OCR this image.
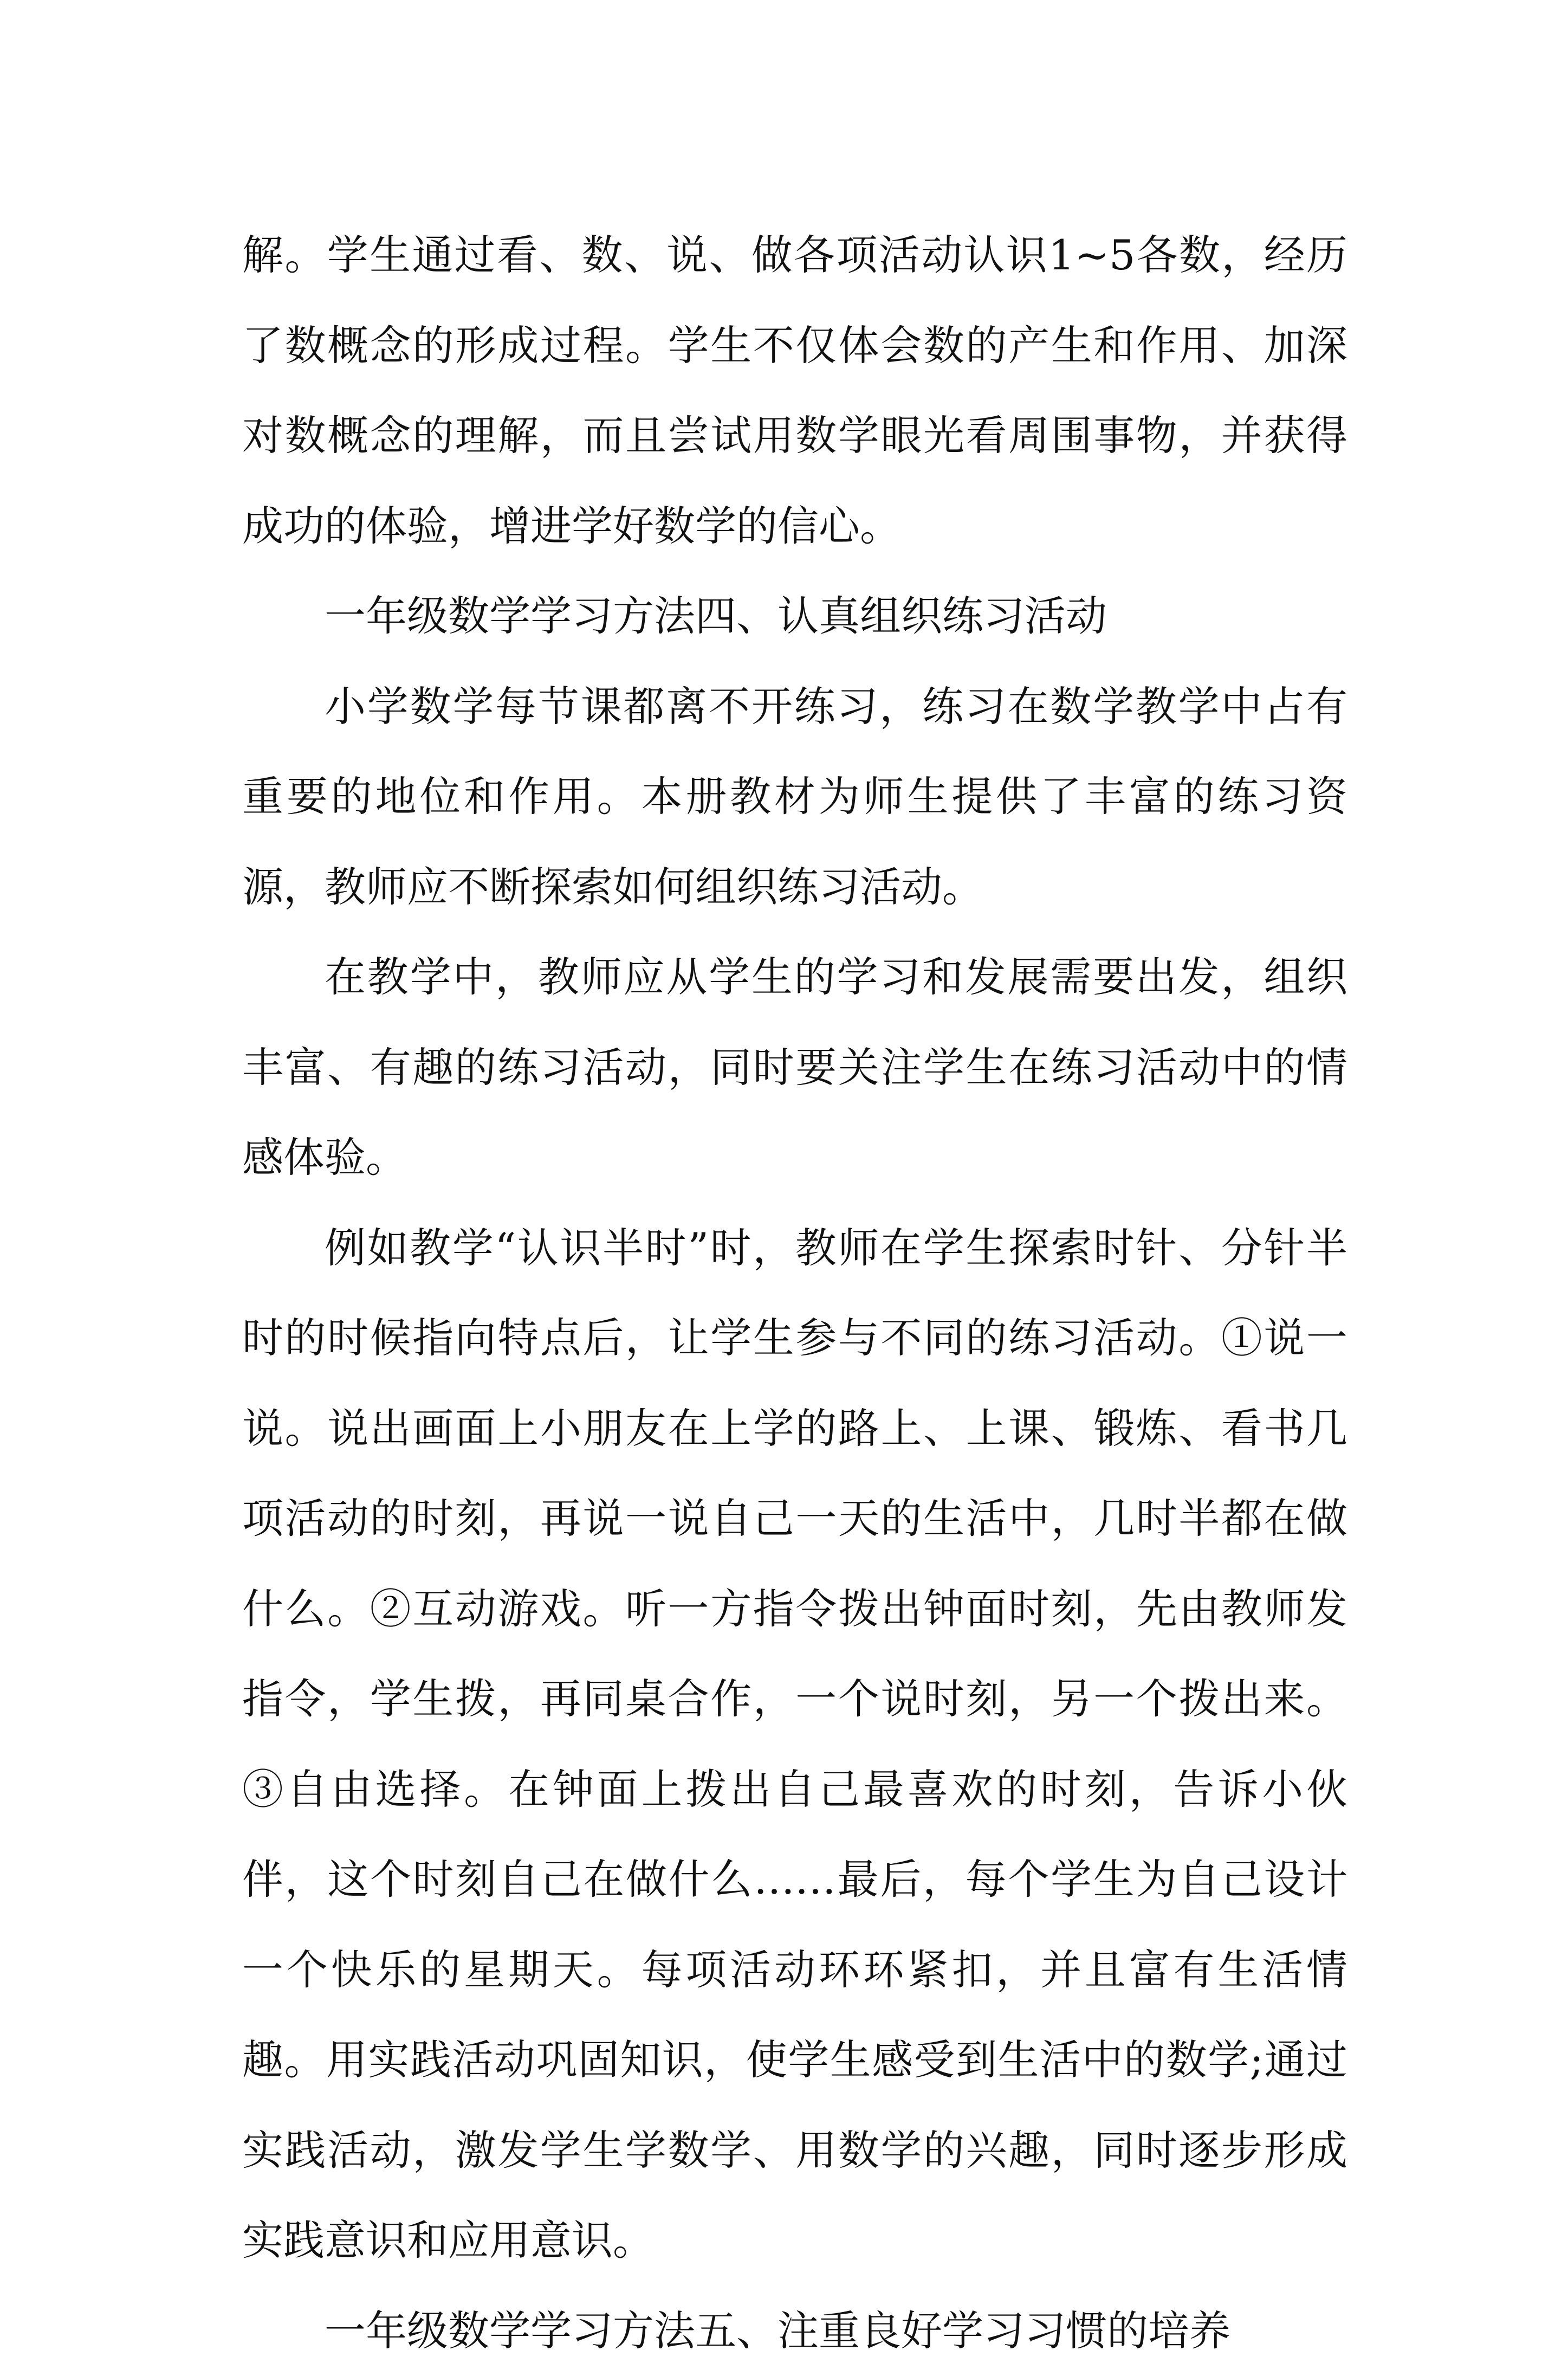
解。学生通过看、数、说、做各项活动认识1~5各数，经历了数概念的形成过程。学生不仅体会数的产生和作用、加深对数概念的理解，而且尝试用数学眼光看周围事物，并获得成功的体验，增进学好数学的信心。

一年级数学学习方法四、认真组织练习活动

小学数学每节课都离不开练习，练习在数学教学中占有重要的地位和作用。本册教材为师生提供了丰富的练习资源，教师应不断探索如何组织练习活动。

在教学中，教师应从学生的学习和发展需要出发，组织丰富、有趣的练习活动，同时要关注学生在练习活动中的情感体验。

例如教学“认识半时”时，教师在学生探索时针、分针半时的时候指向特点后，让学生参与不同的练习活动。①说一说。说出画面上小朋友在上学的路上、上课、锻炼、看书几项活动的时刻，再说一说自己一天的生活中，几时半都在做什么。②互动游戏。听一方指令拨出钟面时刻，先由教师发指令，学生拨，再同桌合作，一个说时刻，另一个拨出来。③自由选择。在钟面上拨出自己最喜欢的时刻，告诉小伙伴，这个时刻自己在做什么……最后，每个学生为自己设计一个快乐的星期天。每项活动环环紧扣，并且富有生活情趣。用实践活动巩固知识，使学生感受到生活中的数学;通过实践活动，激发学生学数学、用数学的兴趣，同时逐步形成实践意识和应用意识。

一年级数学学习方法五、注重良好学习习惯的培养
